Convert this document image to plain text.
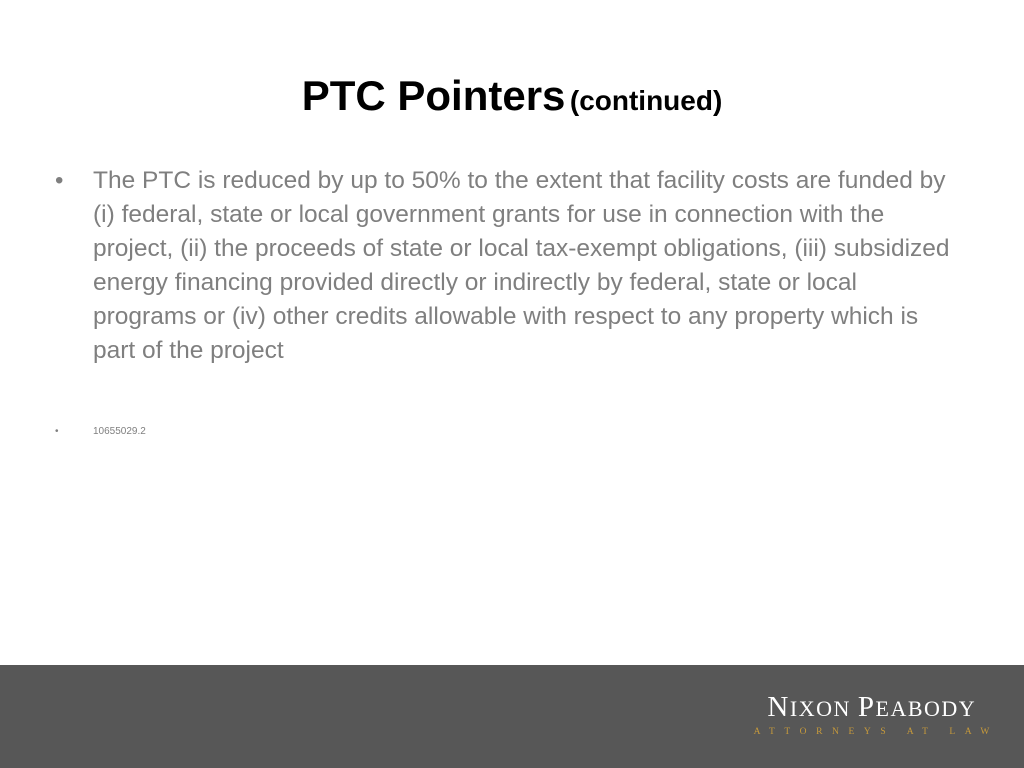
PTC Pointers (continued)
• The PTC is reduced by up to 50% to the extent that facility costs are funded by (i) federal, state or local government grants for use in connection with the project, (ii) the proceeds of state or local tax-exempt obligations, (iii) subsidized energy financing provided directly or indirectly by federal, state or local programs or (iv) other credits allowable with respect to any property which is part of the project
•	10655029.2
NIXON PEABODY
ATTORNEYS AT LAW
